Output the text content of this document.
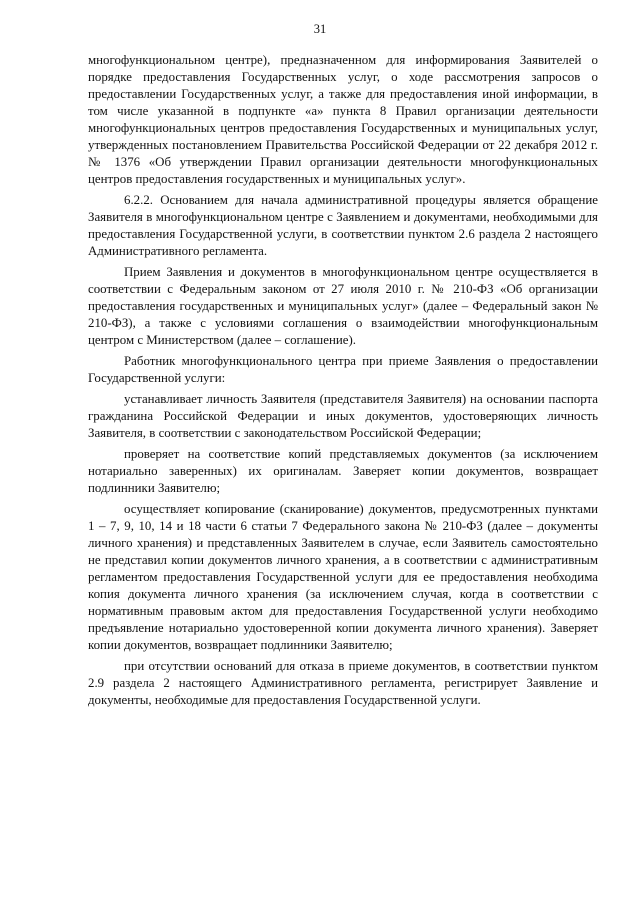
31

многофункциональном центре), предназначенном для информирования Заявителей о порядке предоставления Государственных услуг, о ходе рассмотрения запросов о предоставлении Государственных услуг, а также для предоставления иной информации, в том числе указанной в подпункте «а» пункта 8 Правил организации деятельности многофункциональных центров предоставления Государственных и муниципальных услуг, утвержденных постановлением Правительства Российской Федерации от 22 декабря 2012 г. № 1376 «Об утверждении Правил организации деятельности многофункциональных центров предоставления государственных и муниципальных услуг».

6.2.2. Основанием для начала административной процедуры является обращение Заявителя в многофункциональном центре с Заявлением и документами, необходимыми для предоставления Государственной услуги, в соответствии пунктом 2.6 раздела 2 настоящего Административного регламента.

Прием Заявления и документов в многофункциональном центре осуществляется в соответствии с Федеральным законом от 27 июля 2010 г. № 210-ФЗ «Об организации предоставления государственных и муниципальных услуг» (далее – Федеральный закон № 210-ФЗ), а также с условиями соглашения о взаимодействии многофункциональным центром с Министерством (далее – соглашение).

Работник многофункционального центра при приеме Заявления о предоставлении Государственной услуги:

устанавливает личность Заявителя (представителя Заявителя) на основании паспорта гражданина Российской Федерации и иных документов, удостоверяющих личность Заявителя, в соответствии с законодательством Российской Федерации;

проверяет на соответствие копий представляемых документов (за исключением нотариально заверенных) их оригиналам. Заверяет копии документов, возвращает подлинники Заявителю;

осуществляет копирование (сканирование) документов, предусмотренных пунктами 1 – 7, 9, 10, 14 и 18 части 6 статьи 7 Федерального закона № 210-ФЗ (далее – документы личного хранения) и представленных Заявителем в случае, если Заявитель самостоятельно не представил копии документов личного хранения, а в соответствии с административным регламентом предоставления Государственной услуги для ее предоставления необходима копия документа личного хранения (за исключением случая, когда в соответствии с нормативным правовым актом для предоставления Государственной услуги необходимо предъявление нотариально удостоверенной копии документа личного хранения). Заверяет копии документов, возвращает подлинники Заявителю;

при отсутствии оснований для отказа в приеме документов, в соответствии пунктом 2.9 раздела 2 настоящего Административного регламента, регистрирует Заявление и документы, необходимые для предоставления Государственной услуги.
